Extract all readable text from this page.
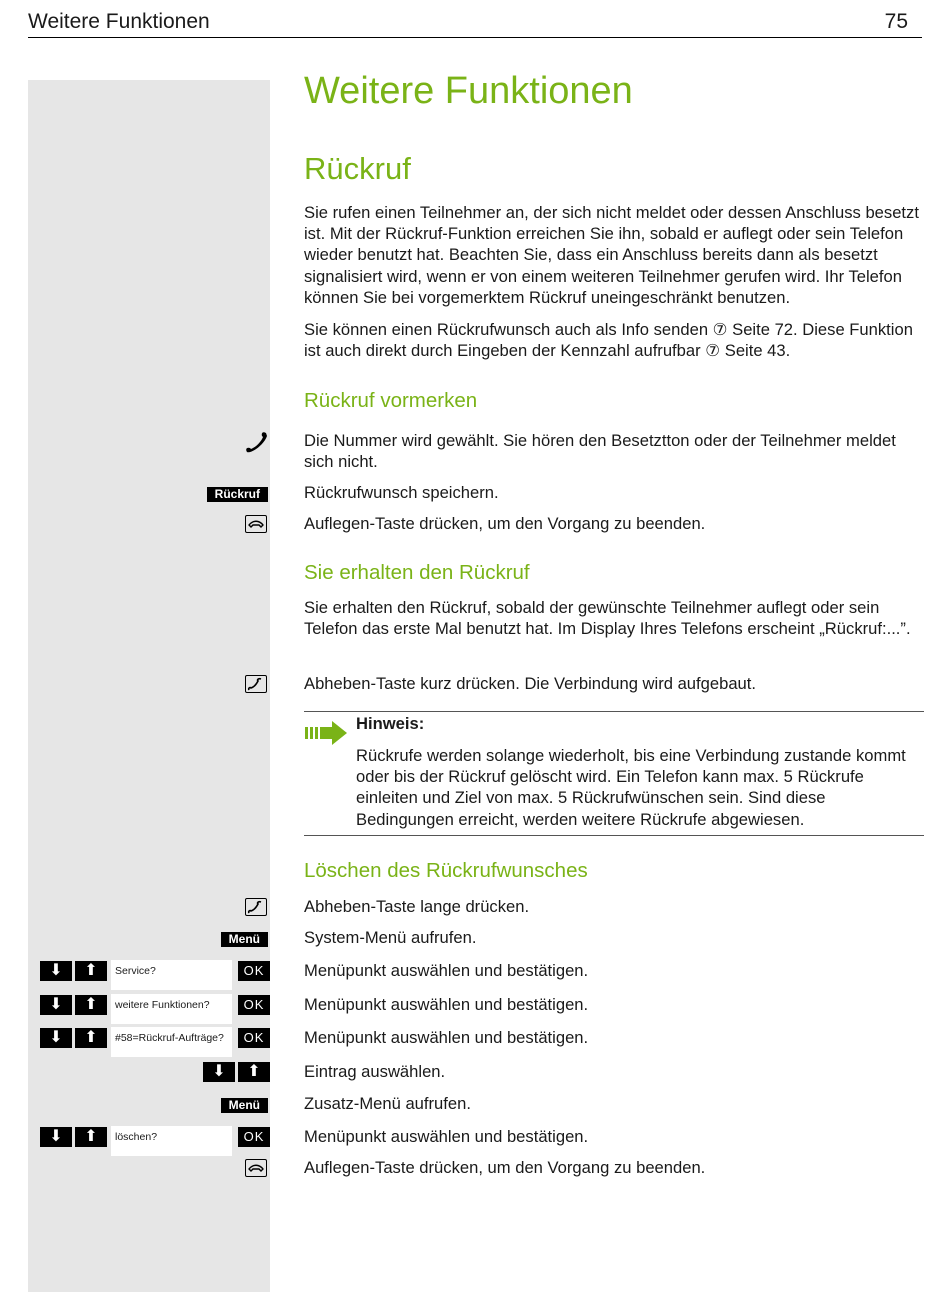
Weitere Funktionen	75
Weitere Funktionen
Rückruf
Sie rufen einen Teilnehmer an, der sich nicht meldet oder dessen Anschluss besetzt ist. Mit der Rückruf-Funktion erreichen Sie ihn, sobald er auflegt oder sein Telefon wieder benutzt hat. Beachten Sie, dass ein Anschluss bereits dann als besetzt signalisiert wird, wenn er von einem weiteren Teilnehmer gerufen wird. Ihr Telefon können Sie bei vorgemerktem Rückruf uneingeschränkt benutzen.
Sie können einen Rückrufwunsch auch als Info senden ⑦ Seite 72. Diese Funktion ist auch direkt durch Eingeben der Kennzahl aufrufbar ⑦ Seite 43.
Rückruf vormerken
Die Nummer wird gewählt. Sie hören den Besetztton oder der Teilnehmer meldet sich nicht.
Rückruf	Rückrufwunsch speichern.
Auflegen-Taste drücken, um den Vorgang zu beenden.
Sie erhalten den Rückruf
Sie erhalten den Rückruf, sobald der gewünschte Teilnehmer auflegt oder sein Telefon das erste Mal benutzt hat. Im Display Ihres Telefons erscheint „Rückruf:...”.
Abheben-Taste kurz drücken. Die Verbindung wird aufgebaut.
Hinweis:
Rückrufe werden solange wiederholt, bis eine Verbindung zustande kommt oder bis der Rückruf gelöscht wird. Ein Telefon kann max. 5 Rückrufe einleiten und Ziel von max. 5 Rückrufwünschen sein. Sind diese Bedingungen erreicht, werden weitere Rückrufe abgewiesen.
Löschen des Rückrufwunsches
Abheben-Taste lange drücken.
Menü	System-Menü aufrufen.
⬇	⬆	Service?	OK	Menüpunkt auswählen und bestätigen.
⬇	⬆	weitere Funktionen?	OK	Menüpunkt auswählen und bestätigen.
⬇	⬆	#58=Rückruf-Aufträge?	OK	Menüpunkt auswählen und bestätigen.
⬇	⬆	Eintrag auswählen.
Menü	Zusatz-Menü aufrufen.
⬇	⬆	löschen?	OK	Menüpunkt auswählen und bestätigen.
Auflegen-Taste drücken, um den Vorgang zu beenden.
